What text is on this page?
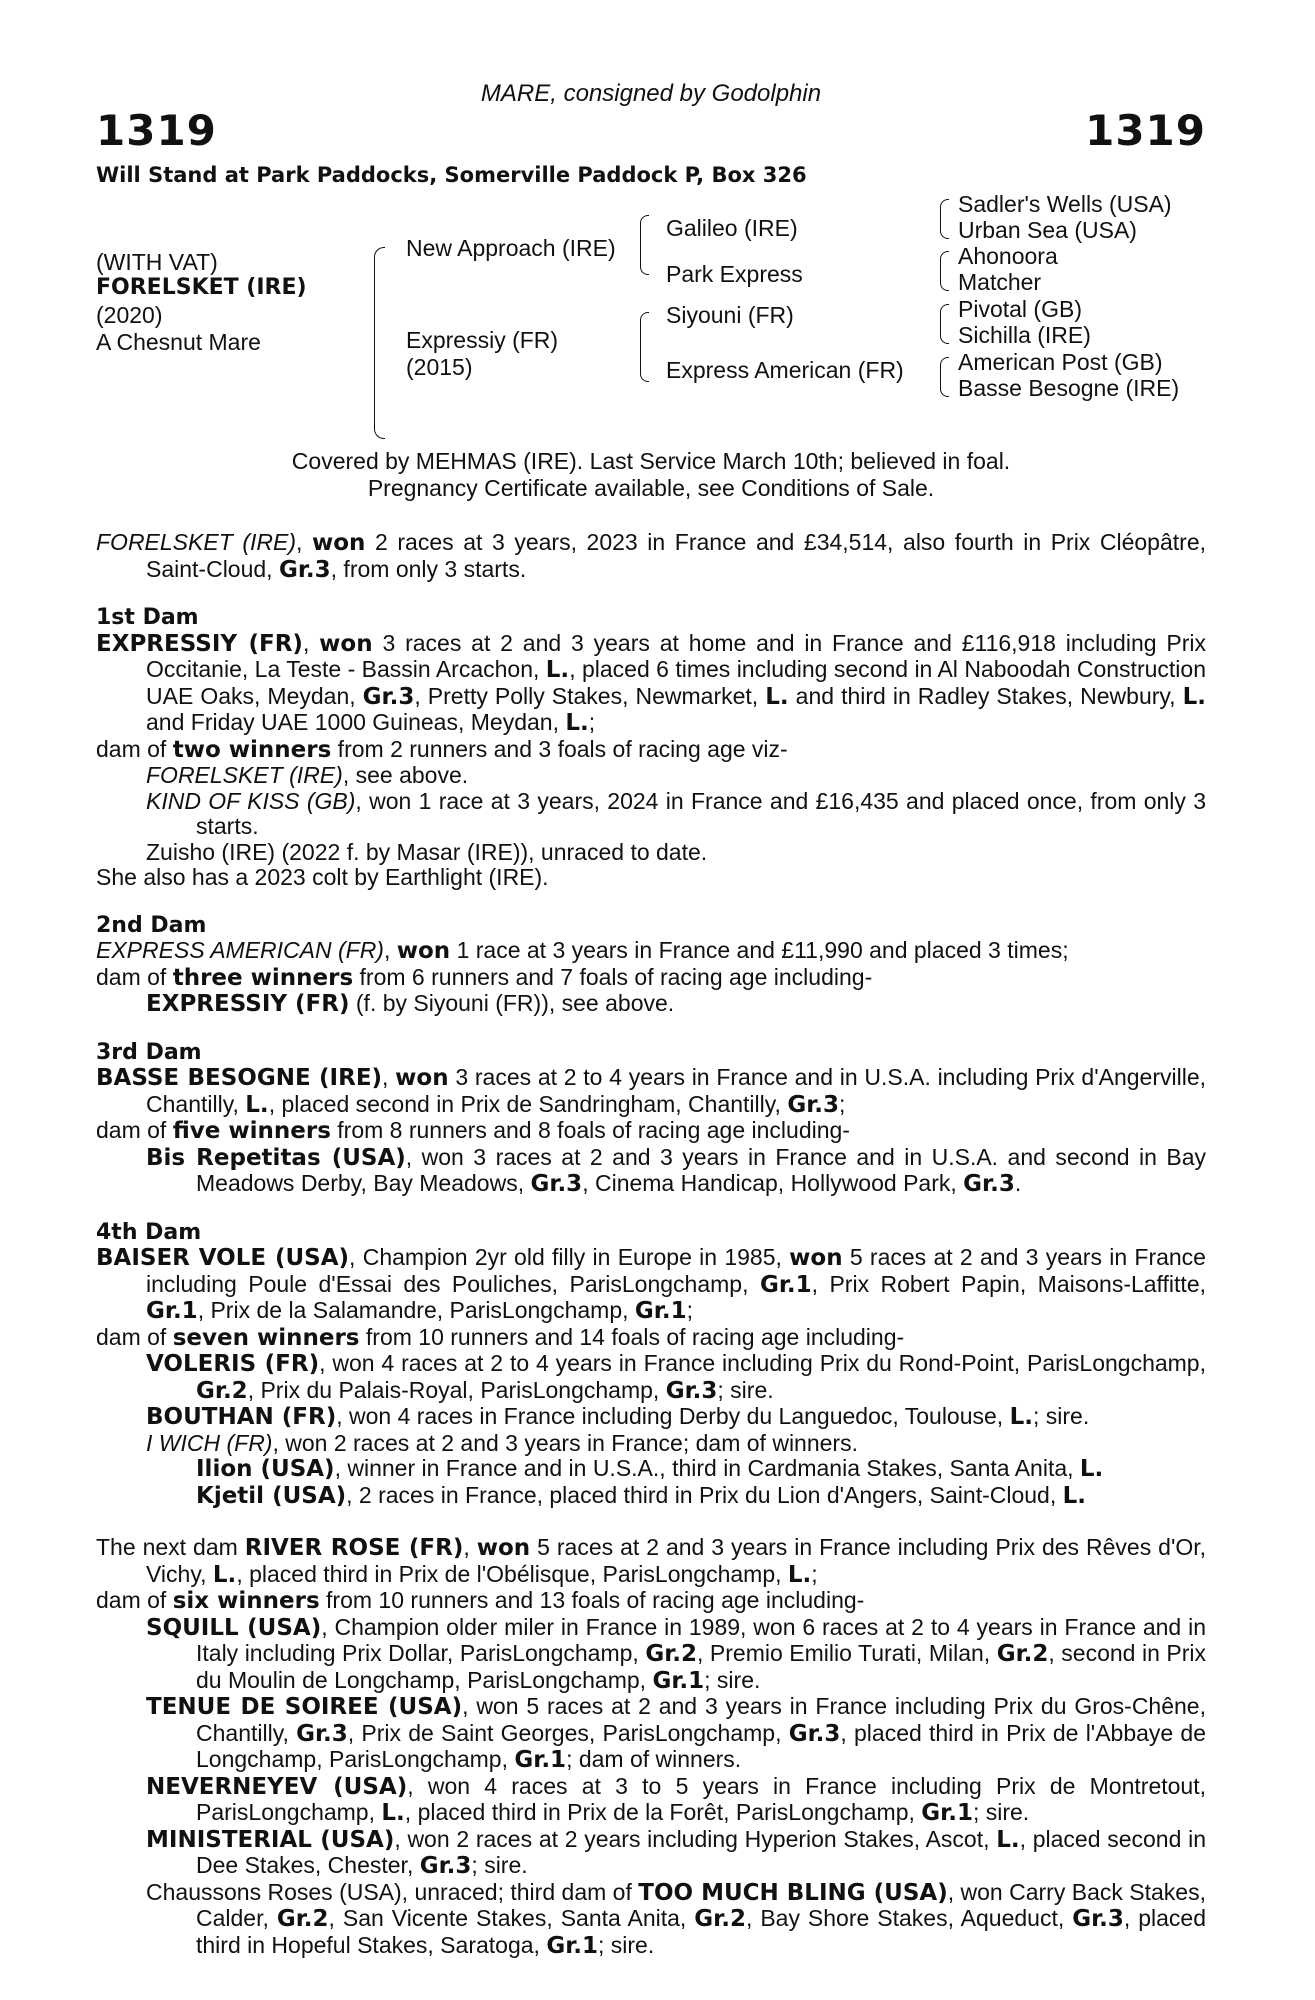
MARE, consigned by Godolphin
1319	1319
Will Stand at Park Paddocks, Somerville Paddock P, Box 326
(WITH VAT)
FORELSKET (IRE)
(2020)
A Chesnut Mare
New Approach (IRE)
Expressiy (FR)
(2015)
Galileo (IRE)
Park Express
Siyouni (FR)
Express American (FR)
Sadler's Wells (USA)
Urban Sea (USA)
Ahonoora
Matcher
Pivotal (GB)
Sichilla (IRE)
American Post (GB)
Basse Besogne (IRE)
Covered by MEHMAS (IRE). Last Service March 10th; believed in foal.
Pregnancy Certificate available, see Conditions of Sale.

FORELSKET (IRE), won 2 races at 3 years, 2023 in France and £34,514, also fourth in Prix Cléopâtre, Saint-Cloud, Gr.3, from only 3 starts.

1st Dam

EXPRESSIY (FR), won 3 races at 2 and 3 years at home and in France and £116,918 including Prix Occitanie, La Teste - Bassin Arcachon, L., placed 6 times including second in Al Naboodah Construction UAE Oaks, Meydan, Gr.3, Pretty Polly Stakes, Newmarket, L. and third in Radley Stakes, Newbury, L. and Friday UAE 1000 Guineas, Meydan, L.;

dam of two winners from 2 runners and 3 foals of racing age viz-

FORELSKET (IRE), see above.

KIND OF KISS (GB), won 1 race at 3 years, 2024 in France and £16,435 and placed once, from only 3 starts.

Zuisho (IRE) (2022 f. by Masar (IRE)), unraced to date.

She also has a 2023 colt by Earthlight (IRE).

2nd Dam

EXPRESS AMERICAN (FR), won 1 race at 3 years in France and £11,990 and placed 3 times;

dam of three winners from 6 runners and 7 foals of racing age including-

EXPRESSIY (FR) (f. by Siyouni (FR)), see above.

3rd Dam

BASSE BESOGNE (IRE), won 3 races at 2 to 4 years in France and in U.S.A. including Prix d'Angerville, Chantilly, L., placed second in Prix de Sandringham, Chantilly, Gr.3;

dam of five winners from 8 runners and 8 foals of racing age including-

Bis Repetitas (USA), won 3 races at 2 and 3 years in France and in U.S.A. and second in Bay Meadows Derby, Bay Meadows, Gr.3, Cinema Handicap, Hollywood Park, Gr.3.

4th Dam

BAISER VOLE (USA), Champion 2yr old filly in Europe in 1985, won 5 races at 2 and 3 years in France including Poule d'Essai des Pouliches, ParisLongchamp, Gr.1, Prix Robert Papin, Maisons-Laffitte, Gr.1, Prix de la Salamandre, ParisLongchamp, Gr.1;

dam of seven winners from 10 runners and 14 foals of racing age including-

VOLERIS (FR), won 4 races at 2 to 4 years in France including Prix du Rond-Point, ParisLongchamp, Gr.2, Prix du Palais-Royal, ParisLongchamp, Gr.3; sire.

BOUTHAN (FR), won 4 races in France including Derby du Languedoc, Toulouse, L.; sire.

I WICH (FR), won 2 races at 2 and 3 years in France; dam of winners.

Ilion (USA), winner in France and in U.S.A., third in Cardmania Stakes, Santa Anita, L.

Kjetil (USA), 2 races in France, placed third in Prix du Lion d'Angers, Saint-Cloud, L.

The next dam RIVER ROSE (FR), won 5 races at 2 and 3 years in France including Prix des Rêves d'Or, Vichy, L., placed third in Prix de l'Obélisque, ParisLongchamp, L.;

dam of six winners from 10 runners and 13 foals of racing age including-

SQUILL (USA), Champion older miler in France in 1989, won 6 races at 2 to 4 years in France and in Italy including Prix Dollar, ParisLongchamp, Gr.2, Premio Emilio Turati, Milan, Gr.2, second in Prix du Moulin de Longchamp, ParisLongchamp, Gr.1; sire.

TENUE DE SOIREE (USA), won 5 races at 2 and 3 years in France including Prix du Gros-Chêne, Chantilly, Gr.3, Prix de Saint Georges, ParisLongchamp, Gr.3, placed third in Prix de l'Abbaye de Longchamp, ParisLongchamp, Gr.1; dam of winners.

NEVERNEYEV (USA), won 4 races at 3 to 5 years in France including Prix de Montretout, ParisLongchamp, L., placed third in Prix de la Forêt, ParisLongchamp, Gr.1; sire.

MINISTERIAL (USA), won 2 races at 2 years including Hyperion Stakes, Ascot, L., placed second in Dee Stakes, Chester, Gr.3; sire.

Chaussons Roses (USA), unraced; third dam of TOO MUCH BLING (USA), won Carry Back Stakes, Calder, Gr.2, San Vicente Stakes, Santa Anita, Gr.2, Bay Shore Stakes, Aqueduct, Gr.3, placed third in Hopeful Stakes, Saratoga, Gr.1; sire.
